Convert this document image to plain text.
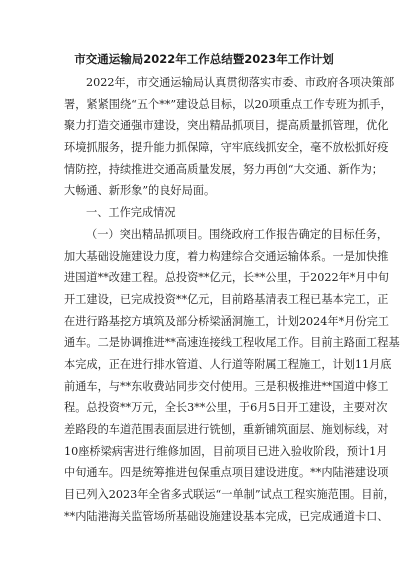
市交通运输局2022年工作总结暨2023年工作计划
2022年，市交通运输局认真贯彻落实市委、市政府各项决策部
署，紧紧围绕“五个**”建设总目标，以20项重点工作专班为抓手，
聚力打造交通强市建设，突出精品抓项目，提高质量抓管理，优化
环境抓服务，提升能力抓保障，守牢底线抓安全，毫不放松抓好疫
情防控，持续推进交通高质量发展，努力再创“大交通、新作为；
大畅通、新形象”的良好局面。
一、工作完成情况
（一）突出精品抓项目。围绕政府工作报告确定的目标任务，
加大基础设施建设力度，着力构建综合交通运输体系。一是加快推
进国道**改建工程。总投资**亿元，长**公里，于2022年*月中旬
开工建设，已完成投资**亿元，目前路基清表工程已基本完工，正
在进行路基挖方填筑及部分桥梁涵洞施工，计划2024年*月份完工
通车。二是协调推进**高速连接线工程收尾工作。目前主路面工程基
本完成，正在进行排水管道、人行道等附属工程施工，计划11月底
前通车，与**东收费站同步交付使用。三是积极推进**国道中修工
程。总投资**万元，全长3**公里，于6月5日开工建设，主要对次
差路段的车道范围表面层进行铣刨，重新铺筑面层、施划标线，对
10座桥梁病害进行维修加固，目前项目已进入验收阶段，预计1月
中旬通车。四是统筹推进包保重点项目建设进度。**内陆港建设项
目已列入2023年全省多式联运“一单制”试点工程实施范围。目前，
**内陆港海关监管场所基础设施建设基本完成，已完成通道卡口、
